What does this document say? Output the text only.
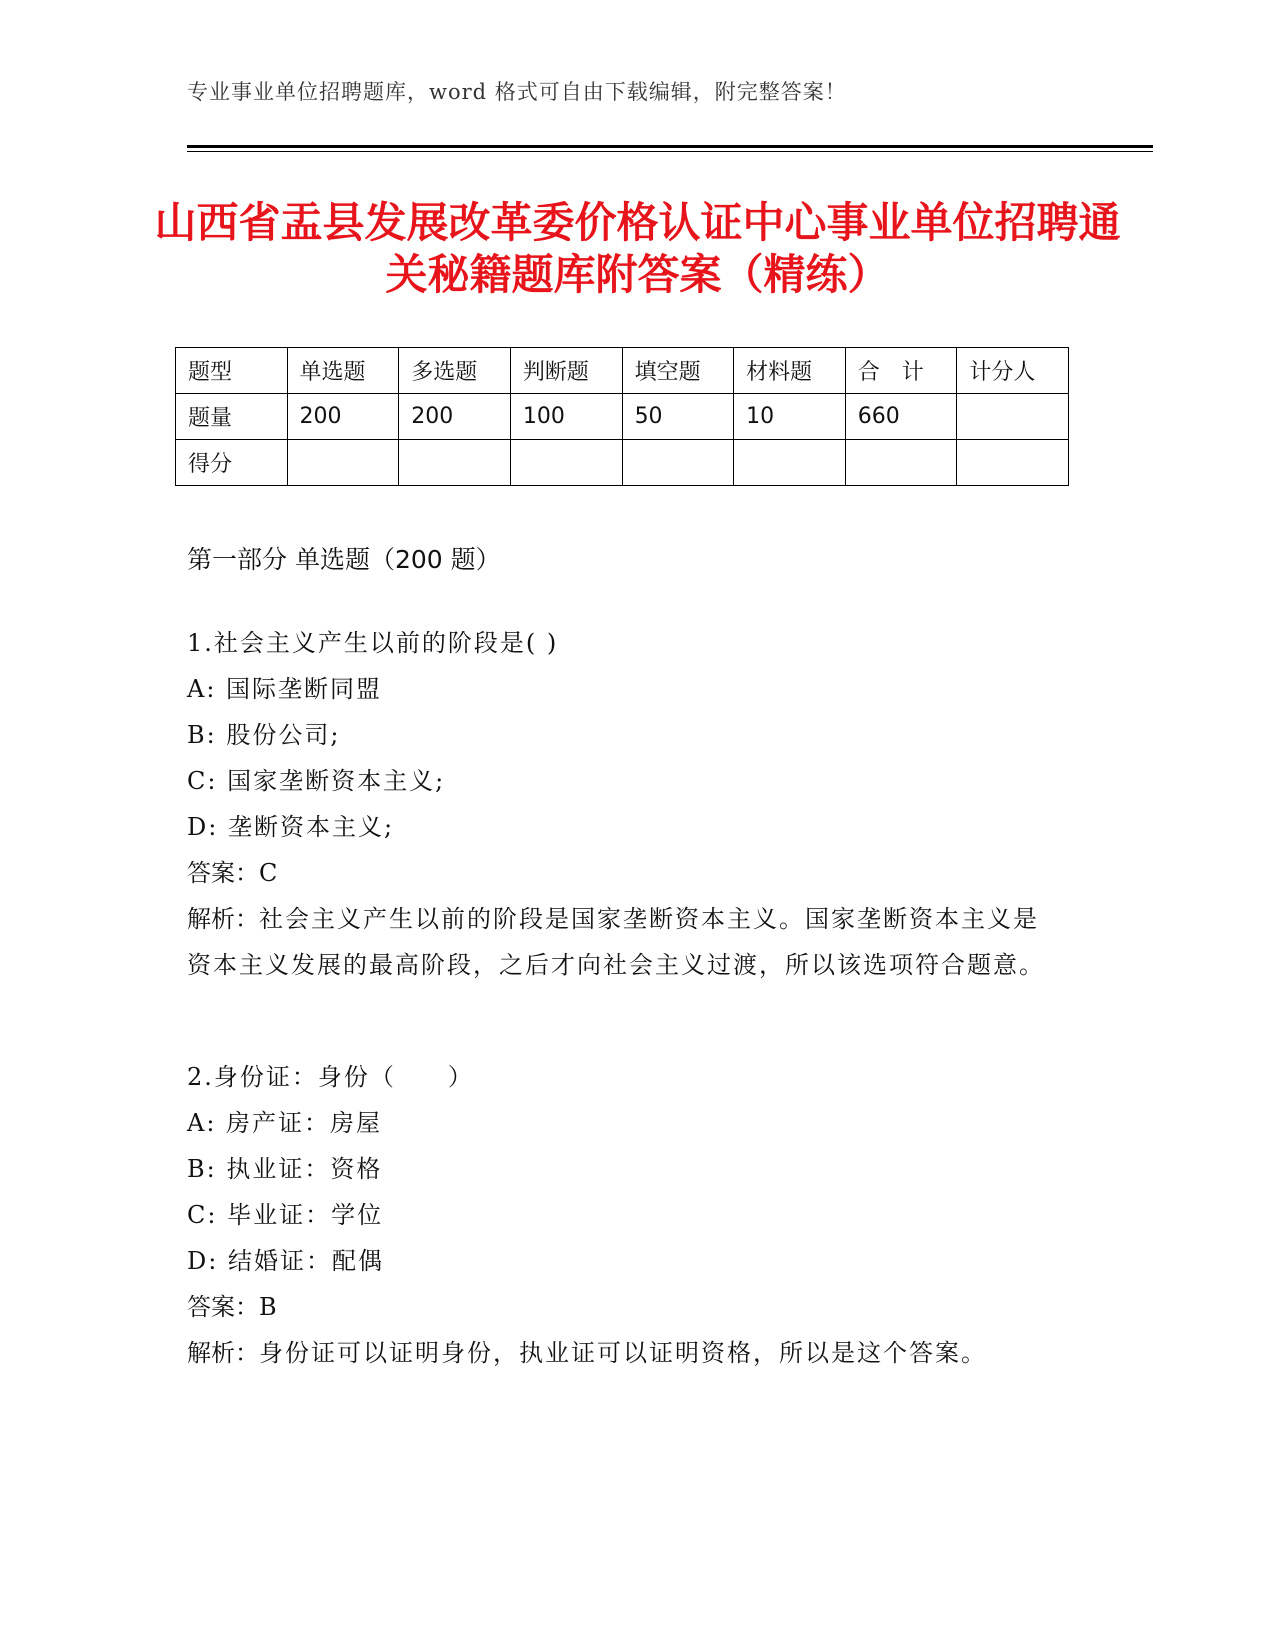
专业事业单位招聘题库，word 格式可自由下载编辑，附完整答案！
山西省盂县发展改革委价格认证中心事业单位招聘通关秘籍题库附答案（精练）
题型	单选题	多选题	判断题	填空题	材料题	合　计	计分人
题量	200	200	100	50	10	660	
得分							
第一部分 单选题（200 题）
1.社会主义产生以前的阶段是( )
A: 国际垄断同盟
B: 股份公司;
C: 国家垄断资本主义;
D: 垄断资本主义;
答案：C
解析：社会主义产生以前的阶段是国家垄断资本主义。国家垄断资本主义是资本主义发展的最高阶段，之后才向社会主义过渡，所以该选项符合题意。
2.身份证：身份（　　）
A: 房产证：房屋
B: 执业证：资格
C: 毕业证：学位
D: 结婚证：配偶
答案：B
解析：身份证可以证明身份，执业证可以证明资格，所以是这个答案。
